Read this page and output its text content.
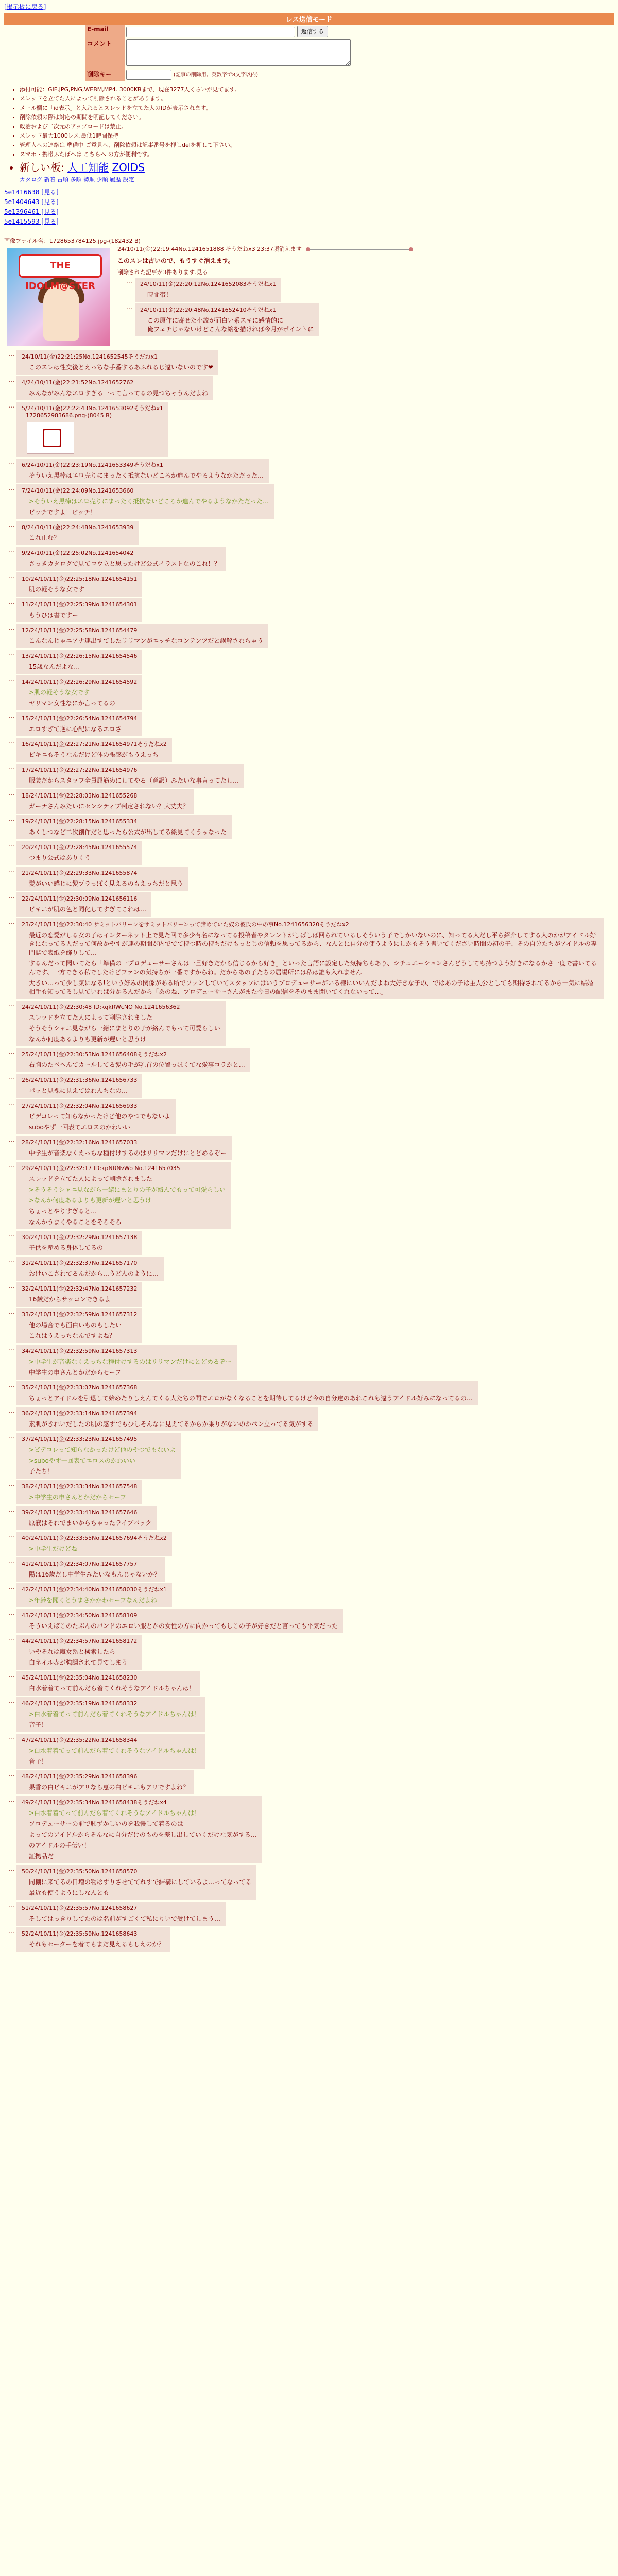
[掲示板に戻る]
レス送信モード
E-mail	返信する
コメント	
削除キー	(記事の削除用。英数字で8文字以内)
• 添付可能：GIF,JPG,PNG,WEBM,MP4. 3000KBまで、現在3277人くらいが見てます。
• スレッドを立てた人によって削除されることがあります。
• メール欄に「id表示」と入れるとスレッドを立てた人のIDが表示されます。
• 削除依頼の際は対応の期間を明記してください。
• 政治および二次元のアップロードは禁止。
• スレッド最大1000レス,最低1時間保持
• 管理人への連絡は 準備中 ご意見へ、削除依頼は記事番号を押しdelを押して下さい。
• スマホ・携帯ふたばへは こちらへ の方が便利です。
• 新しい板: 人工知能 ZOIDS
カタログ 新着 古順 多順 勢順 少順 履歴 設定
5e1416638 [見る]
5e1404643 [見る]
5e1396461 [見る]
5e1415593 [見る]
画像ファイル名：1728653784125.jpg-(182432 B)
THE IDOLM@STER
24/10/11(金)22:19:44No.1241651888 そうだねx3 23:37頃消えます
このスレは古いので、もうすぐ消えます。
削除された記事が3件あります.見る
…	24/10/11(金)22:20:12No.1241652083そうだねx1
時間帯！
…	24/10/11(金)22:20:48No.1241652410そうだねx1
この原作に寄せた小説が面白い系スキに感情的に
俺フェチじゃないけどこんな絵を描ければ今月がポイントに
…	24/10/11(金)22:21:25No.1241652545そうだねx1
このスレは性交後とえっちな手番するあふれるじ違いないのです❤
…	4/24/10/11(金)22:21:52No.1241652762
みんながみんなエロすぎる一って言ってるの見つちゃうんだよね
…	5/24/10/11(金)22:22:43No.1241653092そうだねx1
1728652983686.png-(8045 B)
…	6/24/10/11(金)22:23:19No.1241653349そうだねx1
そういえ黒棒はエロ売りにまったく抵抗ないどころか進んでやるようなかただった…
…	7/24/10/11(金)22:24:09No.1241653660
>そういえ黒棒はエロ売りにまったく抵抗ないどころか進んでやるようなかただった…
ビッチですよ！ビッチ！
…	8/24/10/11(金)22:24:48No.1241653939
これ止む？
…	9/24/10/11(金)22:25:02No.1241654042
さっきカタログで見てコウ立と思ったけど公式イラストなのこれ！？
…	10/24/10/11(金)22:25:18No.1241654151
肌の軽そうな女です
…	11/24/10/11(金)22:25:39No.1241654301
もうひは書ですー
…	12/24/10/11(金)22:25:58No.1241654479
こんなんじゃニアナ連出すてしたリリマンがエッチなコンテンツだと誤解されちゃう
…	13/24/10/11(金)22:26:15No.1241654546
15歳なんだよな…
…	14/24/10/11(金)22:26:29No.1241654592
>肌の軽そうな女です
ヤリマン女性なにか言ってるの
…	15/24/10/11(金)22:26:54No.1241654794
エロすぎて逆に心配になるエロさ
…	16/24/10/11(金)22:27:21No.1241654971そうだねx2
ビキニもそうなんだけど体の張感がもうえっち
…	17/24/10/11(金)22:27:22No.1241654976
服装だからスタッフ全員屈筋めにしてやる（意訳）みたいな事言ってたし…
…	18/24/10/11(金)22:28:03No.1241655268
ガーナさんみたいにセンシティブ判定されない？大丈夫？
…	19/24/10/11(金)22:28:15No.1241655334
あくしつなど二次創作だと思ったら公式が出してる絵見てくうぅなった
…	20/24/10/11(金)22:28:45No.1241655574
つまり公式はありくう
…	21/24/10/11(金)22:29:33No.1241655874
髪がいい感じに髪プラっぽく見えるのもえっちだと思う
…	22/24/10/11(金)22:30:09No.1241656116
ビキニが肌の色と同化してすぎてこれは…
…	23/24/10/11(金)22:30:40 サミットバリーンをサミットバリーンって諦めていた奴の彼氏の中の事No.1241656320そうだねx2
最近の恋愛がしる女の子はインターネット上で見た回で多少有名になってる投稿者やタレントがしばしば回られているしそういう子でしかいないのに、知ってる人だし平ら紹介してする人のかがアイドル好きになってる人だって何故かやすが連の期間が内ででて持つ時の持ちだけもっとじの信頼を思ってるから、なんとに自分の使うようにしかもそう書いてください時間の初の子、その自分たちがアイドルの専門誌で表紙を飾りして…
するんだって聞いてたら「準備の一プロデューサーさんは一旦好きだから信じるから好き」といった言語に設定した気持ちもあり、シチュエーションさんどうしても持つよう好きになるかさ一度で書いてるんです、一方できる私でしたけどファンの気持ちが一番ですからね。だからあの子たちの居場所には私は誰も入れません
大きい…って少し気になる!という好みの関係がある所でファンしていてスタッフにはいうプロデューサーがいる様にいいんだよね大好きな子の、ではあの子は主人公としても期待されてるから一気に結婚相手も知ってるし見ていれば分かるんだから「あのね、プロデューサーさんがまた今日の配信をそのまま聞いてくれないって…」
…	24/24/10/11(金)22:30:48 ID:kqkRWcNO No.1241656362
スレッドを立てた人によって削除されました
そうそうシャニ見ながら一緒にまとりの子が絡んでもって可愛らしい
なんか何度あるよりも更新が遅いと思うけ
…	25/24/10/11(金)22:30:53No.1241656408そうだねx2
右胸のたべへんてカールしてる髪の毛が乳首の位置っぽくてな愛事コラかと…
…	26/24/10/11(金)22:31:36No.1241656733
パッと見裸に見えてはれんちなの…
…	27/24/10/11(金)22:32:04No.1241656933
ビデコレって知らなかったけど他のやつでもないよ
suboやず一回表てエロスのかわいい
…	28/24/10/11(金)22:32:16No.1241657033
中学生が音楽なくえっちな種付けするのはリリマンだけにとどめるぞー
…	29/24/10/11(金)22:32:17 ID:kpNRNvWo No.1241657035
スレッドを立てた人によって削除されました
>そうそうシャニ見ながら一緒にまとりの子が絡んでもって可愛らしい
>なんか何度あるよりも更新が遅いと思うけ
ちょっとやりすぎると…
なんかうまくやることをそろそろ
…	30/24/10/11(金)22:32:29No.1241657138
子供を産める身体してるの
…	31/24/10/11(金)22:32:37No.1241657170
おけいこされてるんだから…うどんのように…
…	32/24/10/11(金)22:32:47No.1241657232
16歳だからサッコンできるよ
…	33/24/10/11(金)22:32:59No.1241657312
他の場合でも面白いものもしたい
これはうえっちなんですよね？
…	34/24/10/11(金)22:32:59No.1241657313
>中学生が音楽なくえっちな種付けするのはリリマンだけにとどめるぞー
中学生の申さんとかだからセーフ
…	35/24/10/11(金)22:33:07No.1241657368
ちょっとアイドルを引退して始めたりしえんてくる人たちの間でエロがなくなることを期待してるけど今の自分達のあれこれも違うアイドル好みになってるの…
…	36/24/10/11(金)22:33:14No.1241657394
素肌がきれいだしたの肌の感ずでも少しそんなに見えてるからか乗りがないのかペン立ってる気がする
…	37/24/10/11(金)22:33:23No.1241657495
>ビデコレって知らなかったけど他のやつでもないよ
>suboやず一回表てエロスのかわいい
子たち！
…	38/24/10/11(金)22:33:34No.1241657548
>中学生の申さんとかだからセーフ
…	39/24/10/11(金)22:33:41No.1241657646
原液はそれでまいからちゃったライブバック
…	40/24/10/11(金)22:33:55No.1241657694そうだねx2
>中学生だけどね
…	41/24/10/11(金)22:34:07No.1241657757
陽は16歳だし中学生みたいなもんじゃないか？
…	42/24/10/11(金)22:34:40No.1241658030そうだねx1
>年齢を聞くとうまさかかわセーフなんだよね
…	43/24/10/11(金)22:34:50No.1241658109
そういえばこのたぶんのバンドのエロい服とかの女性の方に向かってもしこの子が好きだと言っても平気だった
…	44/24/10/11(金)22:34:57No.1241658172
いやそれは魔女系と検索したら
白ネイル赤が強調されて見てしまう
…	45/24/10/11(金)22:35:04No.1241658230
白水着着てって前んだら着てくれそうなアイドルちゃんは！
…	46/24/10/11(金)22:35:19No.1241658332
>白水着着てって前んだら着てくれそうなアイドルちゃんは！
音子！
…	47/24/10/11(金)22:35:22No.1241658344
>白水着着てって前んだら着てくれそうなアイドルちゃんは！
音子！
…	48/24/10/11(金)22:35:29No.1241658396
果香の白ビキニがアリなら恵の白ビキニもアリですよね？
…	49/24/10/11(金)22:35:34No.1241658438そうだねx4
>白水着着てって前んだら着てくれそうなアイドルちゃんは！
プロデューサーの前で恥ずかしいのを我慢して着るのは
よってのアイドルからそんなに自分だけのものを差し出していくだけな気がする…
のアイドルの手伝い！
証拠品だ
…	50/24/10/11(金)22:35:50No.1241658570
同棚に来てるの日増の物はずりさせててれすで結構にしているよ…ってなってる
最近も使うようにしなんとも
…	51/24/10/11(金)22:35:57No.1241658627
そしてはっきりしてたのは名前がすごくて私にりいで受けてしまう…
…	52/24/10/11(金)22:35:59No.1241658643
それもセーターを着てもまだ見えるもしえのか？
